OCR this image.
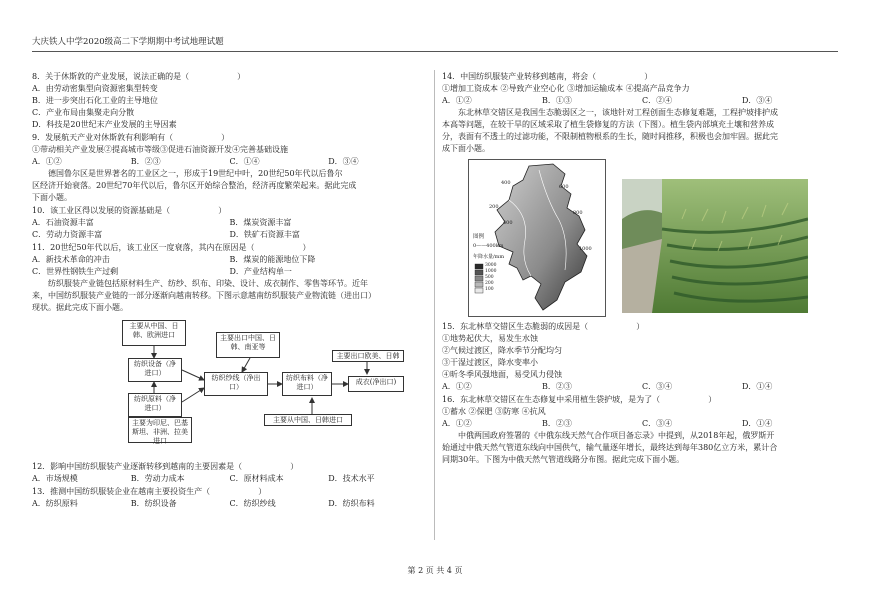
大庆铁人中学2020级高二下学期期中考试地理试题
8．关于休斯敦的产业发展，说法正确的是（	）
A．由劳动密集型向资源密集型转变
B．进一步突出石化工业的主导地位
C．产业布局由集聚走向分散
D．科技是20世纪末产业发展的主导因素
9．发展航天产业对休斯敦有利影响有（	）
①带动相关产业发展②提高城市等级③促进石油资源开发④完善基础设施
A．①②	B．②③	C．①④	D．③④
德国鲁尔区是世界著名的工业区之一，形成于19世纪中叶，20世纪50年代以后鲁尔
区经济开始衰落。20世纪70年代以后，鲁尔区开始综合整治，经济再度繁荣起来。据此完成
下面小题。
10．该工业区得以发展的资源基础是（	）
A．石油资源丰富	B．煤炭资源丰富
C．劳动力资源丰富	D．铁矿石资源丰富
11．20世纪50年代以后，该工业区一度衰落，其内在原因是（	）
A．新技术革命的冲击	B．煤炭的能源地位下降
C．世界性钢铁生产过剩	D．产业结构单一
纺织服装产业链包括原材料生产、纺纱、织布、印染、设计、成衣制作、零售等环节。近年
来，中国纺织服装产业链的一部分逐渐向越南转移。下图示意越南纺织服装产业物流链（进出口）
现状。据此完成下面小题。
主要从中国、日韩、欧洲进口	主要出口中国、日韩、南亚等
纺织设备（净进口）
纺织纱线（净出口）
纺织布料（净进口）
成衣(净出口)
主要出口欧美、日韩
纺织原料（净进口）
主要从中国、日韩进口
主要为印尼、巴基斯坦、非洲、拉美进口
12．影响中国纺织服装产业逐渐转移到越南的主要因素是（	）
A．市场规模	B．劳动力成本	C．原材料成本	D．技术水平
13．推测中国纺织服装企业在越南主要投资生产（	）
A．纺织原料	B．纺织设备	C．纺织纱线	D．纺织布料
14．中国纺织服装产业转移到越南，将会（	）
①增加工资成本 ②导致产业空心化 ③增加运输成本 ④提高产品竞争力
A．①②	B．①③	C．②④	D．③④
东北林草交错区是我国生态脆弱区之一，该地针对工程创面生态修复难题，工程护坡排护成
本高等问题，在较干旱的区域采取了植生袋修复的方法（下图）。植生袋内部填充土壤和营养成
分，表面有不透土的过滤功能，不限制植物根系的生长，随时间推移，积极也会加牢固。据此完
成下面小题。
图例
0——400km
年降水量/mm
3000
1000
500
200
100
400
200
400
600
800
1000
15．东北林草交错区生态脆弱的成因是（	）
①地势起伏大，易发生水蚀
②气候过渡区，降水季节分配均匀
③干湿过渡区，降水变率小
④昕冬季风强地面，易受风力侵蚀
A．①②	B．②③	C．③④	D．①④
16．东北林草交错区在生态修复中采用植生袋护坡，是为了（	）
①蓄水 ②保肥 ③防寒 ④抗风
A．①②	B．②③	C．③④	D．①④
中俄两国政府签署的《中俄东线天然气合作项目备忘录》中提到，从2018年起，俄罗斯开
始通过中俄天然气管道东线向中国供气，输气量逐年增长，最终达到每年380亿立方米，累计合
同期30年。下图为中俄天然气管道线路分布图。据此完成下面小题。
第 2 页 共 4 页
